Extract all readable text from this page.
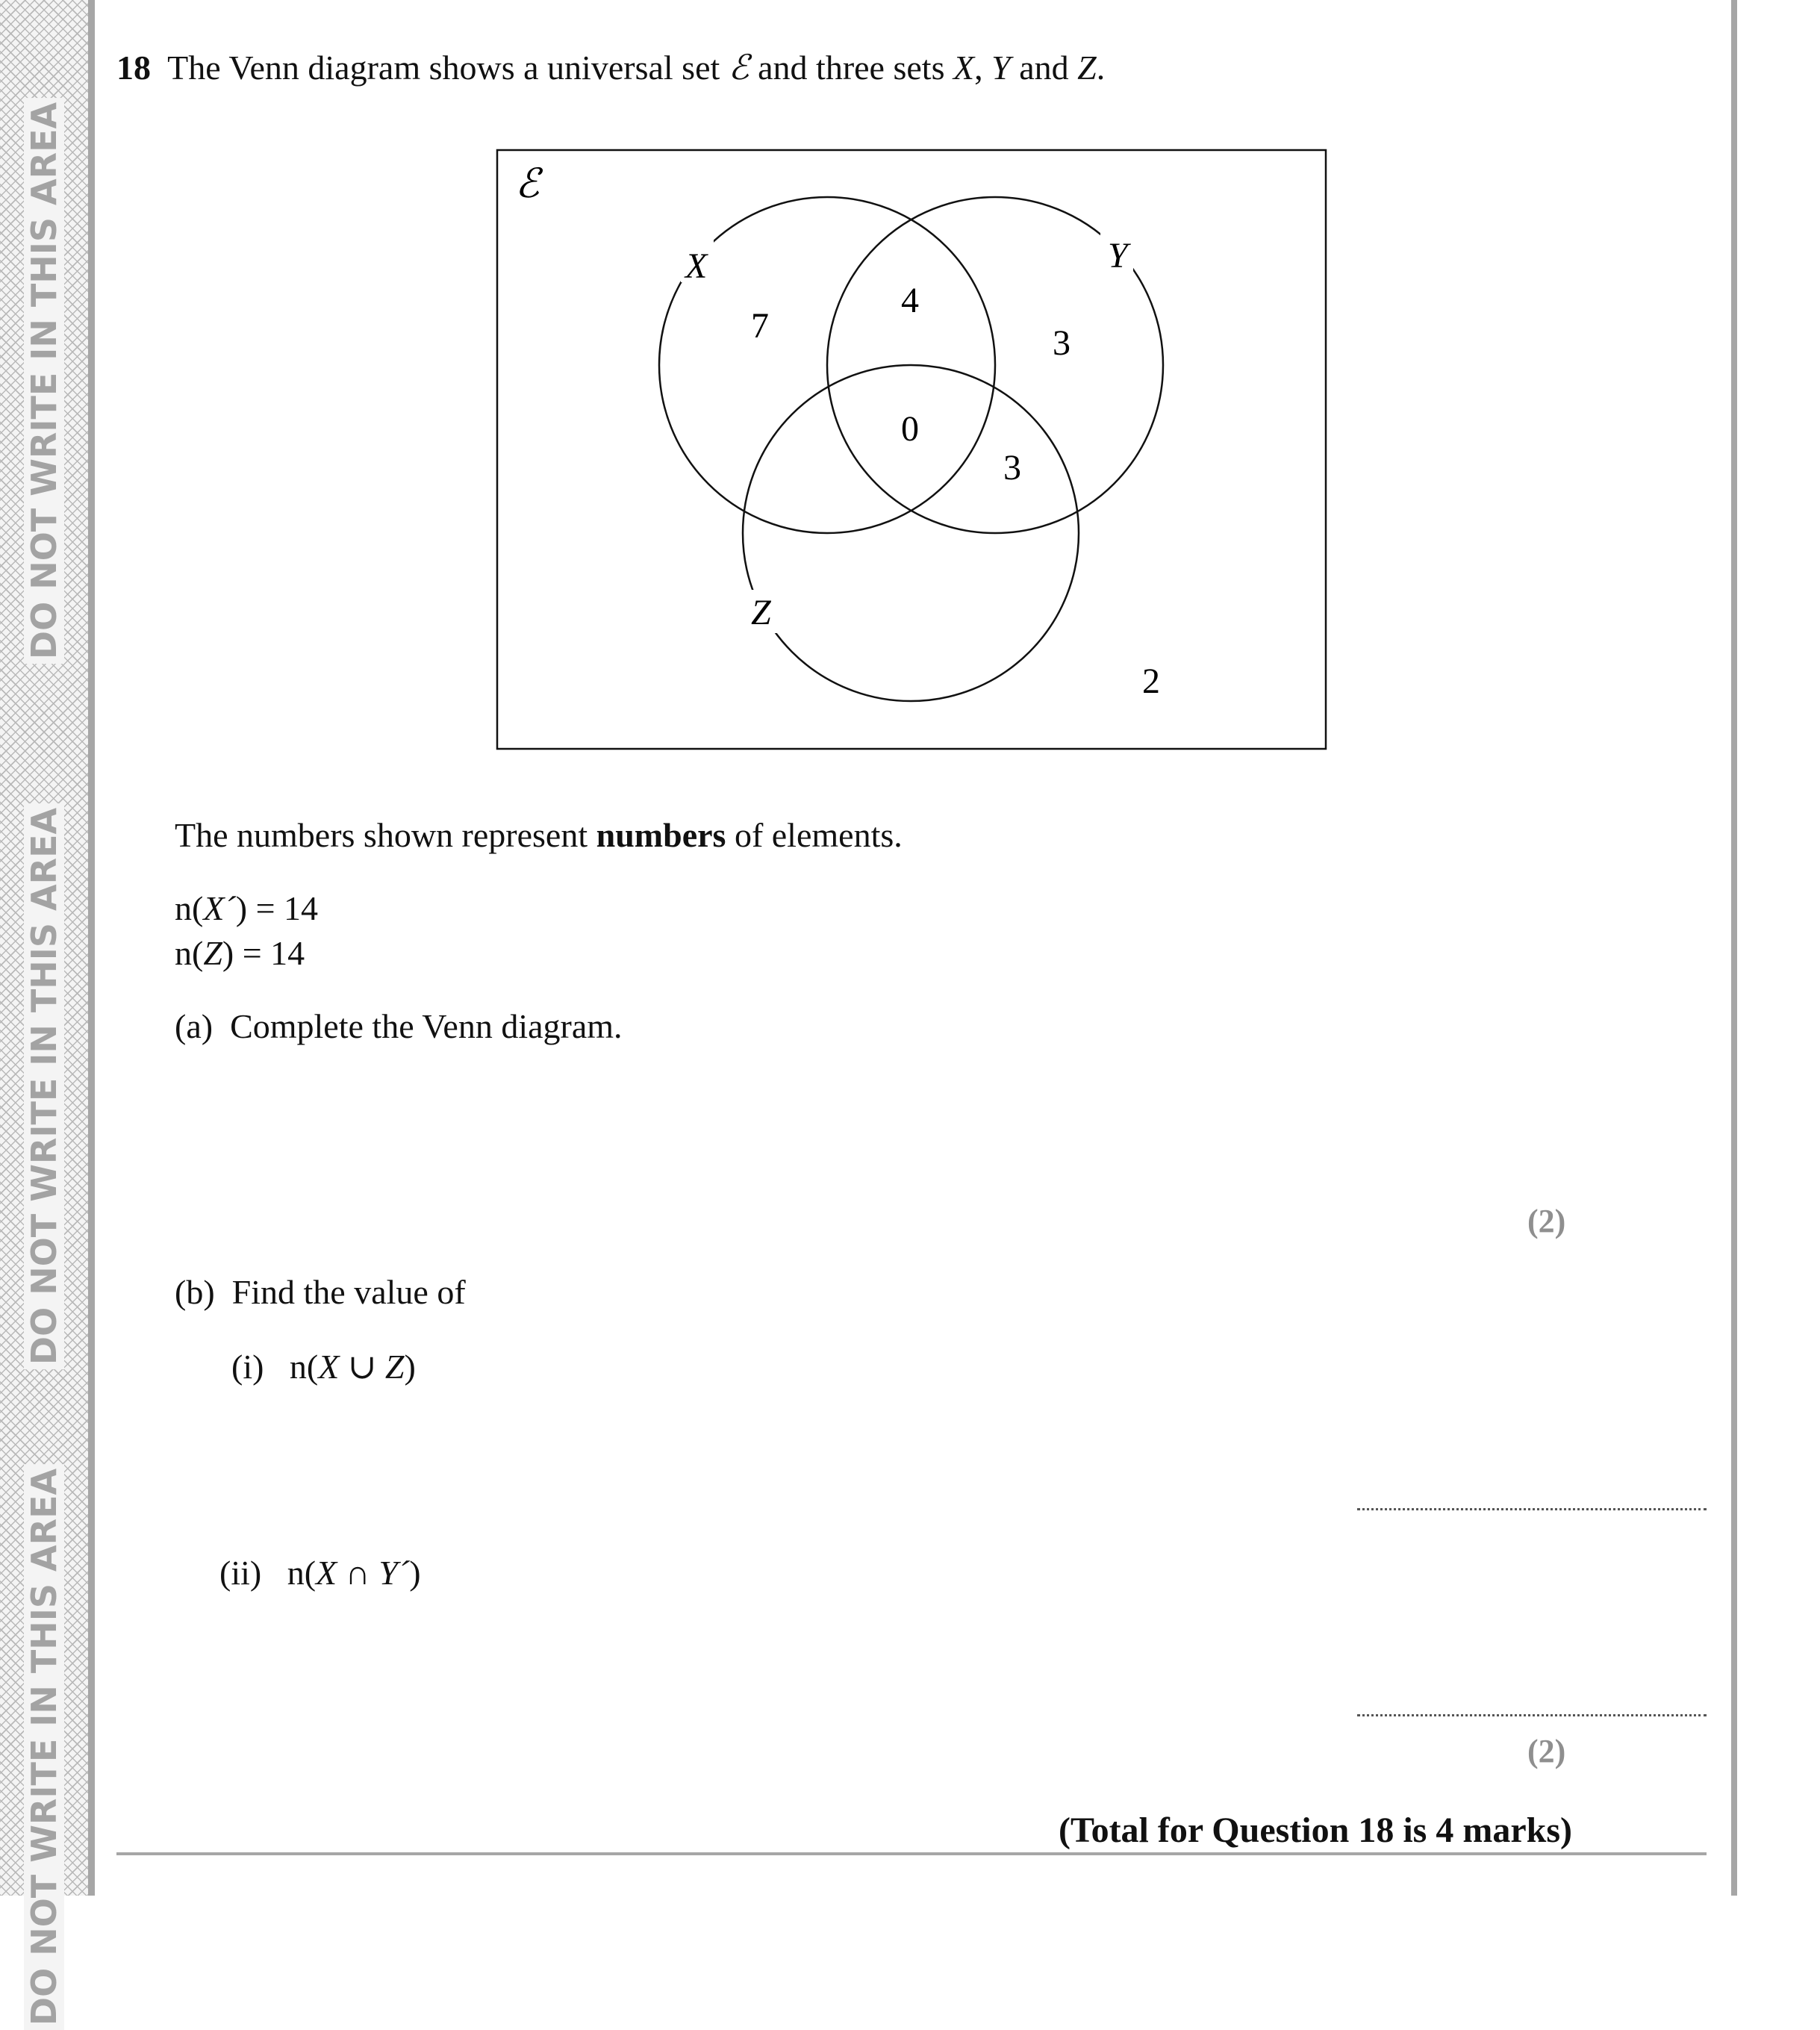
DO NOT WRITE IN THIS AREA
DO NOT WRITE IN THIS AREA
DO NOT WRITE IN THIS AREA
18 The Venn diagram shows a universal set ℰ and three sets X, Y and Z.
ℰ
X	Y
Z
7
4
3
0
3
2
The numbers shown represent numbers of elements.
n(X´) = 14
n(Z) = 14
(a) Complete the Venn diagram.
(2)
(b) Find the value of
(i) n(X ∪ Z)
(ii) n(X ∩ Y´)
(2)
(Total for Question 18 is 4 marks)
